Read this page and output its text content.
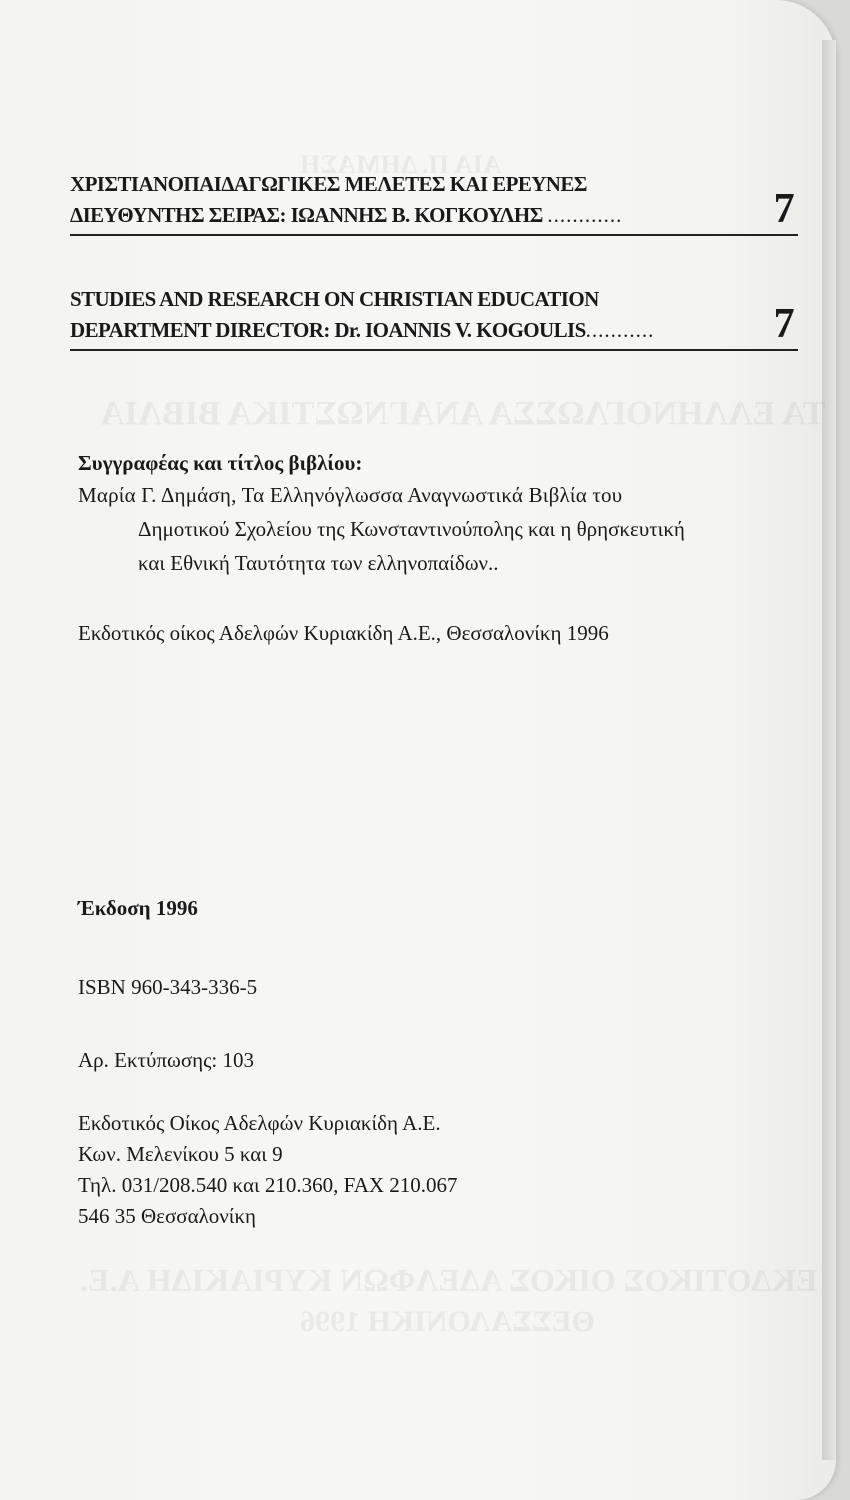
ΑΙΑ Π. ΔΗΜΑΣΗ
ΤΑ ΕΛΛΗΝΟΓΛΩΣΣΑ ΑΝΑΓΝΩΣΤΙΚΑ ΒΙΒΛΙΑ
ΕΚΔΟΤΙΚΟΣ ΟΙΚΟΣ ΑΔΕΛΦΩΝ ΚΥΡΙΑΚΙΔΗ Α.Ε.
ΘΕΣΣΑΛΟΝΙΚΗ 1996
ΧΡΙΣΤΙΑΝΟΠΑΙΔΑΓΩΓΙΚΕΣ ΜΕΛΕΤΕΣ ΚΑΙ ΕΡΕΥΝΕΣ
ΔΙΕΥΘΥΝΤΗΣ ΣΕΙΡΑΣ: ΙΩΑΝΝΗΣ Β. ΚΟΓΚΟΥΛΗΣ ............	7
STUDIES AND RESEARCH ON CHRISTIAN EDUCATION
DEPARTMENT DIRECTOR: Dr. IOANNIS V. KOGOULIS...........	7
Συγγραφέας και τίτλος βιβλίου:
Μαρία Γ. Δημάση, Τα Ελληνόγλωσσα Αναγνωστικά Βιβλία του
Δημοτικού Σχολείου της Κωνσταντινούπολης και η θρησκευτική
και Εθνική Ταυτότητα των ελληνοπαίδων..
Εκδοτικός οίκος Αδελφών Κυριακίδη Α.Ε., Θεσσαλονίκη 1996
Έκδοση 1996
ISBN 960-343-336-5
Αρ. Εκτύπωσης: 103
Εκδοτικός Οίκος Αδελφών Κυριακίδη Α.Ε.
Κων. Μελενίκου 5 και 9
Τηλ. 031/208.540 και 210.360, FAX 210.067
546 35 Θεσσαλονίκη
